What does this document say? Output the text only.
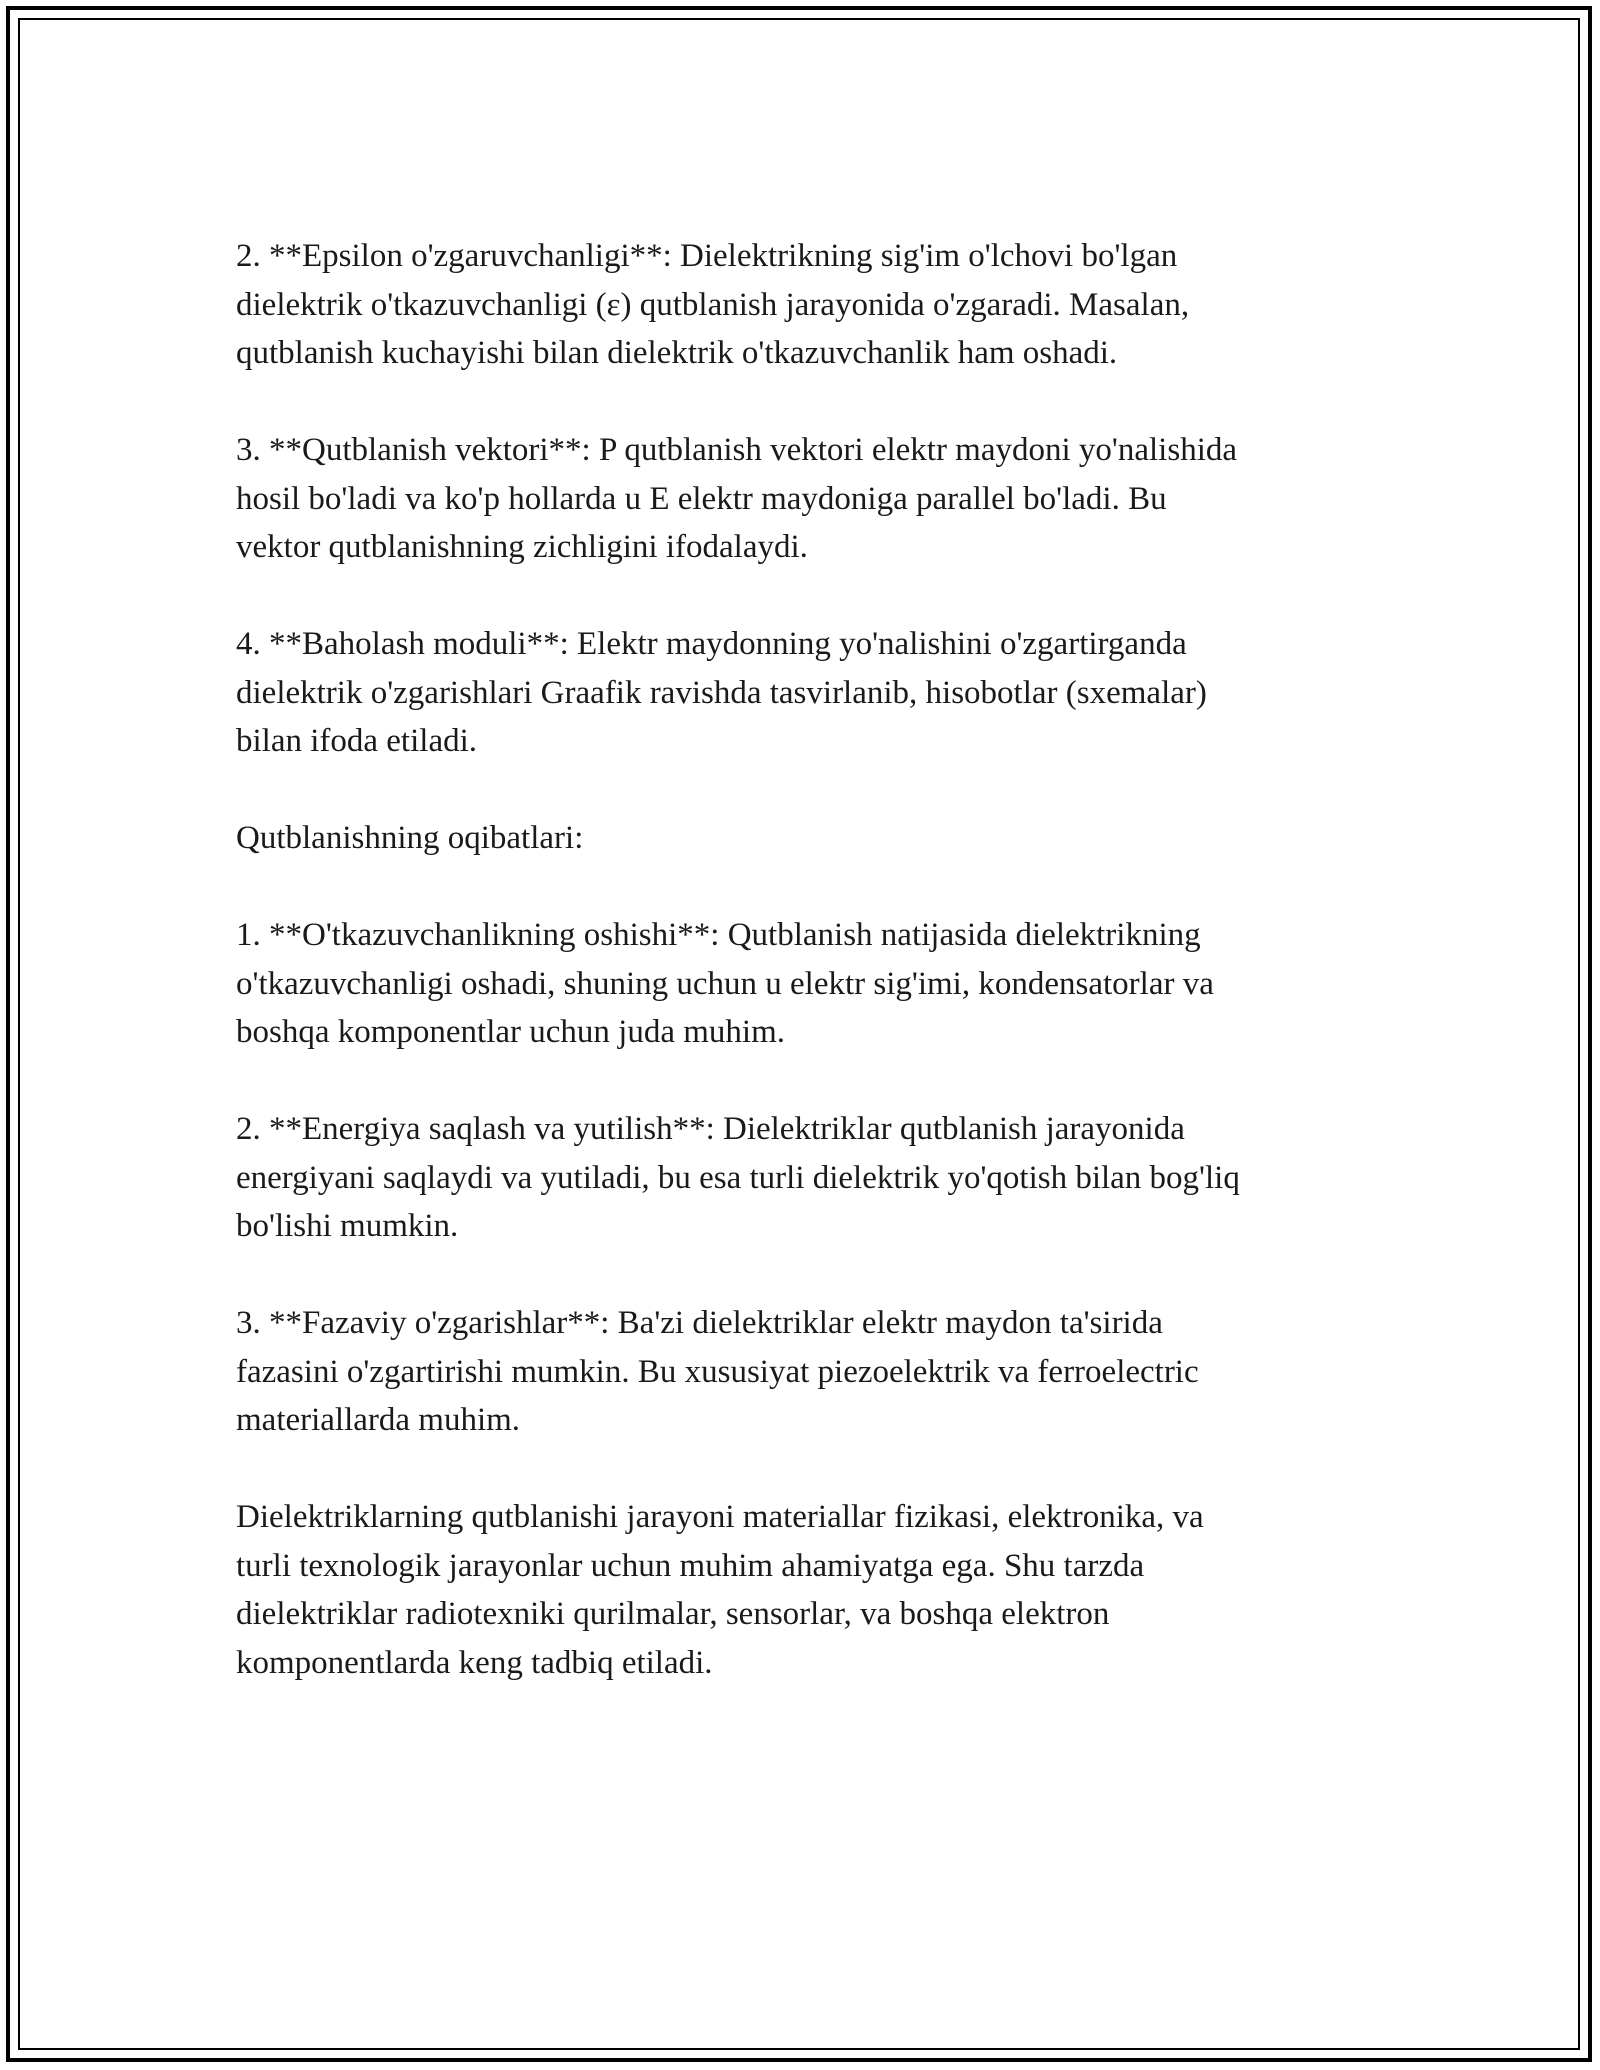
2. **Epsilon o'zgaruvchanligi**: Dielektrikning sig'im o'lchovi bo'lgan
dielektrik o'tkazuvchanligi (ε) qutblanish jarayonida o'zgaradi. Masalan,
qutblanish kuchayishi bilan dielektrik o'tkazuvchanlik ham oshadi.

3. **Qutblanish vektori**: P qutblanish vektori elektr maydoni yo'nalishida
hosil bo'ladi va ko'p hollarda u E elektr maydoniga parallel bo'ladi. Bu
vektor qutblanishning zichligini ifodalaydi.

4. **Baholash moduli**: Elektr maydonning yo'nalishini o'zgartirganda
dielektrik o'zgarishlari Graafik ravishda tasvirlanib, hisobotlar (sxemalar)
bilan ifoda etiladi.

Qutblanishning oqibatlari:

1. **O'tkazuvchanlikning oshishi**: Qutblanish natijasida dielektrikning
o'tkazuvchanligi oshadi, shuning uchun u elektr sig'imi, kondensatorlar va
boshqa komponentlar uchun juda muhim.

2. **Energiya saqlash va yutilish**: Dielektriklar qutblanish jarayonida
energiyani saqlaydi va yutiladi, bu esa turli dielektrik yo'qotish bilan bog'liq
bo'lishi mumkin.

3. **Fazaviy o'zgarishlar**: Ba'zi dielektriklar elektr maydon ta'sirida
fazasini o'zgartirishi mumkin. Bu xususiyat piezoelektrik va ferroelectric
materiallarda muhim.

Dielektriklarning qutblanishi jarayoni materiallar fizikasi, elektronika, va
turli texnologik jarayonlar uchun muhim ahamiyatga ega. Shu tarzda
dielektriklar radiotexniki qurilmalar, sensorlar, va boshqa elektron
komponentlarda keng tadbiq etiladi.
